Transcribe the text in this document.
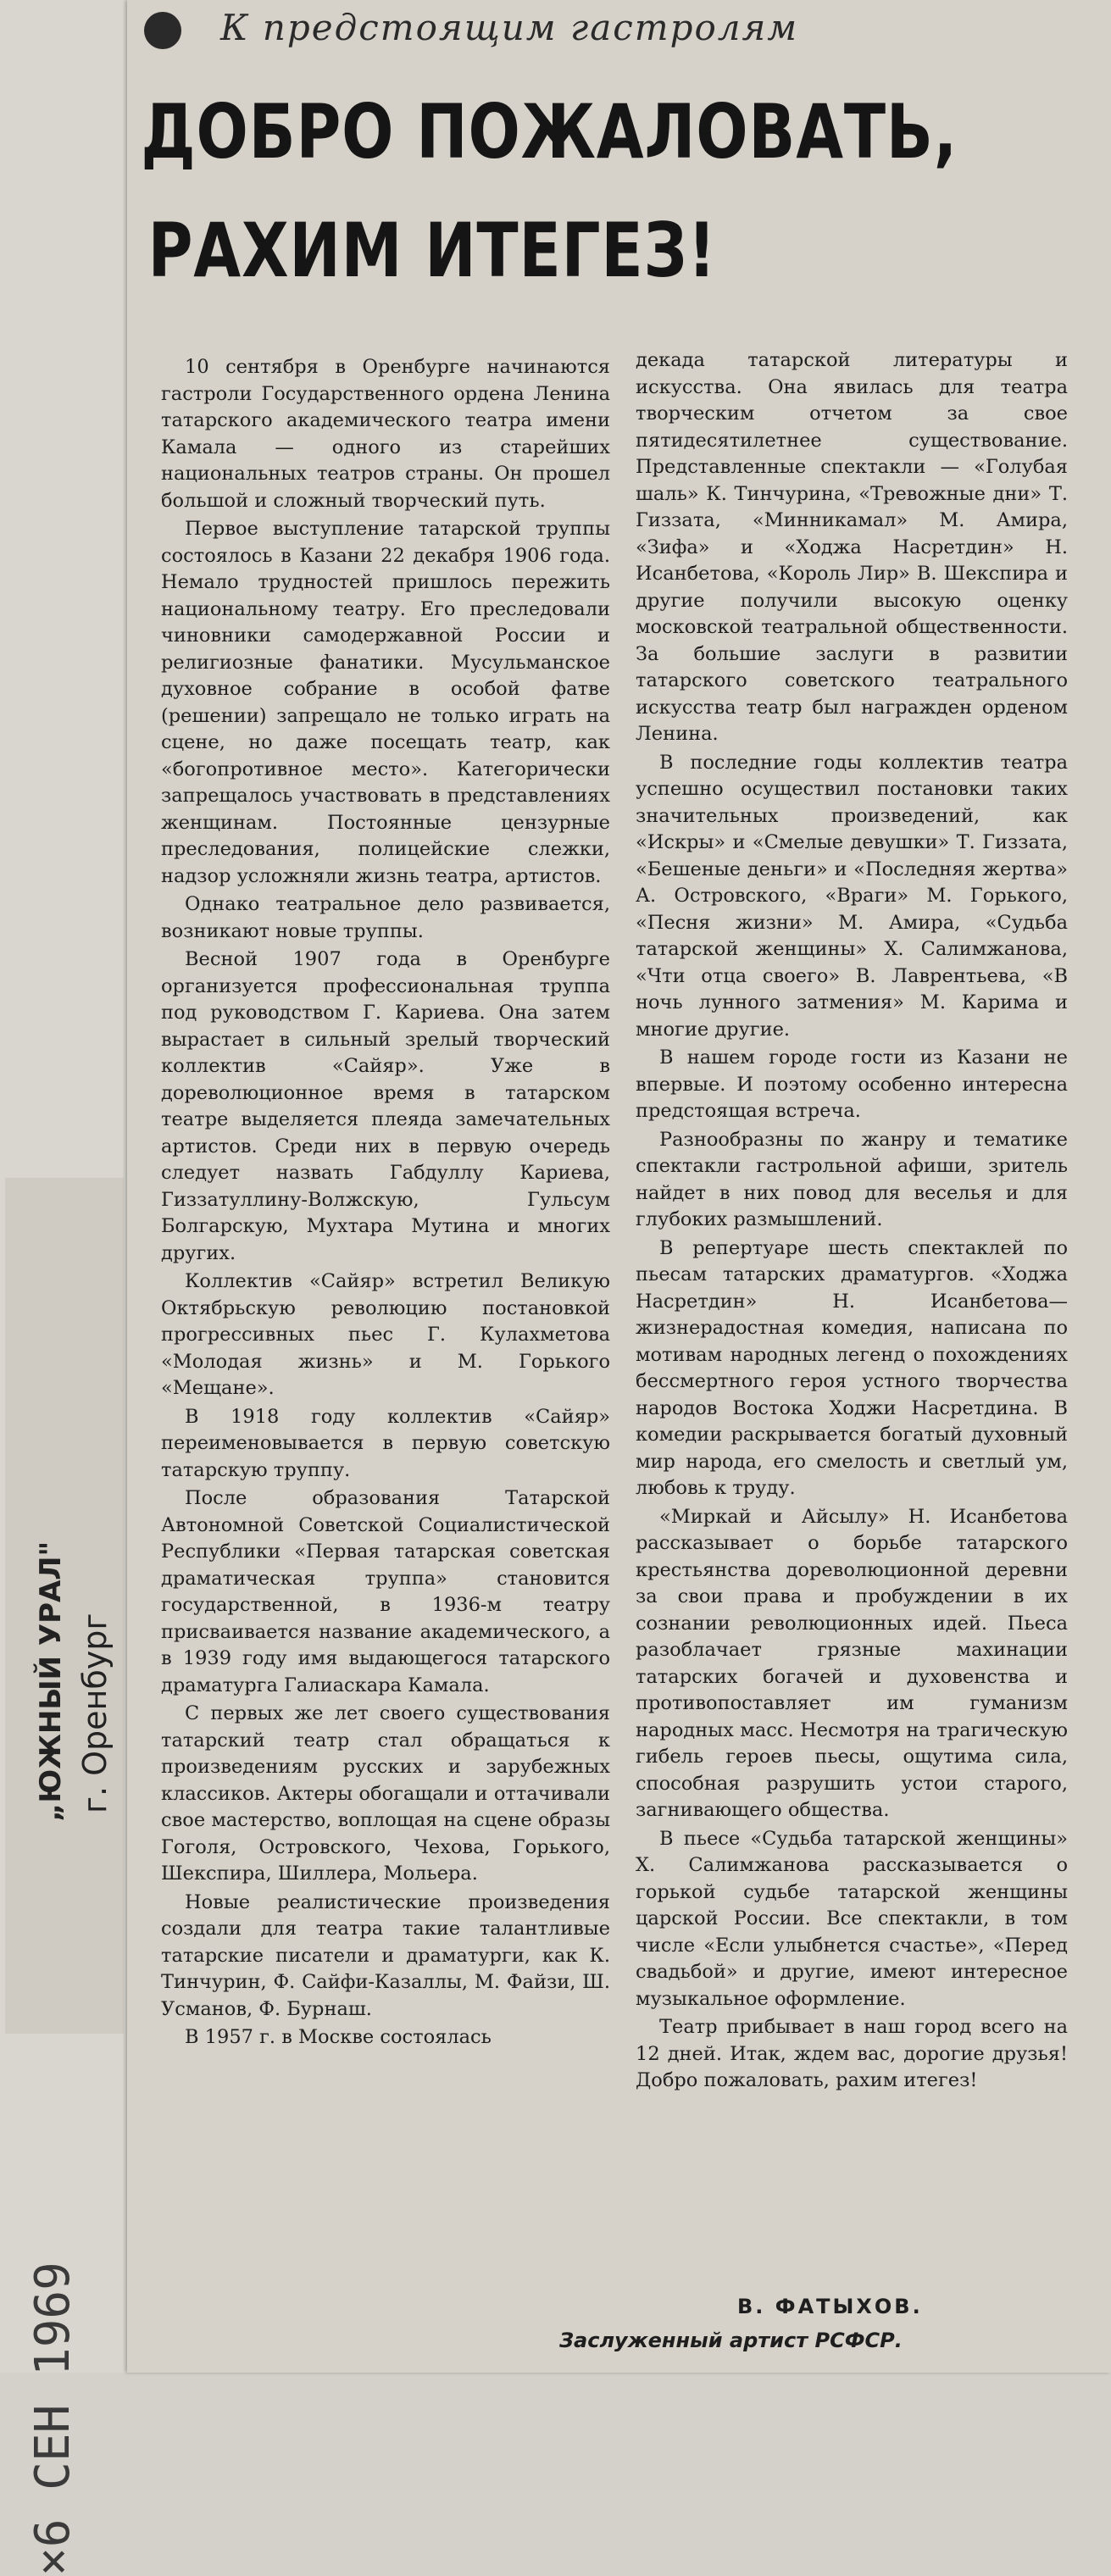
„ЮЖНЫЙ УРАЛ" г. Оренбург
×6 СЕН 1969
К предстоящим гастролям
ДОБРО ПОЖАЛОВАТЬ,
РАХИМ ИТЕГЕЗ!

10 сентября в Оренбурге начинаются гастроли Государственного ордена Ленина татарского академического театра имени Камала — одного из старейших национальных театров страны. Он прошел большой и сложный творческий путь.

Первое выступление татарской труппы состоялось в Казани 22 декабря 1906 года. Немало трудностей пришлось пережить национальному театру. Его преследовали чиновники самодержавной России и религиозные фанатики. Мусульманское духовное собрание в особой фатве (решении) запрещало не только играть на сцене, но даже посещать театр, как «богопротивное место». Категорически запрещалось участвовать в представлениях женщинам. Постоянные цензурные преследования, полицейские слежки, надзор усложняли жизнь театра, артистов.

Однако театральное дело развивается, возникают новые труппы.

Весной 1907 года в Оренбурге организуется профессиональная труппа под руководством Г. Кариева. Она затем вырастает в сильный зрелый творческий коллектив «Сайяр». Уже в дореволюционное время в татарском театре выделяется плеяда замечательных артистов. Среди них в первую очередь следует назвать Габдуллу Кариева, Гиззатуллину-Волжскую, Гульсум Болгарскую, Мухтара Мутина и многих других.

Коллектив «Сайяр» встретил Великую Октябрьскую революцию постановкой прогрессивных пьес Г. Кулахметова «Молодая жизнь» и М. Горького «Мещане».

В 1918 году коллектив «Сайяр» переименовывается в первую советскую татарскую труппу.

После образования Татарской Автономной Советской Социалистической Республики «Первая татарская советская драматическая труппа» становится государственной, в 1936-м театру присваивается название академического, а в 1939 году имя выдающегося татарского драматурга Галиаскара Камала.

С первых же лет своего существования татарский театр стал обращаться к произведениям русских и зарубежных классиков. Актеры обогащали и оттачивали свое мастерство, воплощая на сцене образы Гоголя, Островского, Чехова, Горького, Шекспира, Шиллера, Мольера.

Новые реалистические произведения создали для театра такие талантливые татарские писатели и драматурги, как К. Тинчурин, Ф. Сайфи-Казаллы, М. Файзи, Ш. Усманов, Ф. Бурнаш.

В 1957 г. в Москве состоялась

декада татарской литературы и искусства. Она явилась для театра творческим отчетом за свое пятидесятилетнее существование. Представленные спектакли — «Голубая шаль» К. Тинчурина, «Тревожные дни» Т. Гиззата, «Минникамал» М. Амира, «Зифа» и «Ходжа Насретдин» Н. Исанбетова, «Король Лир» В. Шекспира и другие получили высокую оценку московской театральной общественности. За большие заслуги в развитии татарского советского театрального искусства театр был награжден орденом Ленина.

В последние годы коллектив театра успешно осуществил постановки таких значительных произведений, как «Искры» и «Смелые девушки» Т. Гиззата, «Бешеные деньги» и «Последняя жертва» А. Островского, «Враги» М. Горького, «Песня жизни» М. Амира, «Судьба татарской женщины» Х. Салимжанова, «Чти отца своего» В. Лаврентьева, «В ночь лунного затмения» М. Карима и многие другие.

В нашем городе гости из Казани не впервые. И поэтому особенно интересна предстоящая встреча.

Разнообразны по жанру и тематике спектакли гастрольной афиши, зритель найдет в них повод для веселья и для глубоких размышлений.

В репертуаре шесть спектаклей по пьесам татарских драматургов. «Ходжа Насретдин» Н. Исанбетова—жизнерадостная комедия, написана по мотивам народных легенд о похождениях бессмертного героя устного творчества народов Востока Ходжи Насретдина. В комедии раскрывается богатый духовный мир народа, его смелость и светлый ум, любовь к труду.

«Миркай и Айсылу» Н. Исанбетова рассказывает о борьбе татарского крестьянства дореволюционной деревни за свои права и пробуждении в их сознании революционных идей. Пьеса разоблачает грязные махинации татарских богачей и духовенства и противопоставляет им гуманизм народных масс. Несмотря на трагическую гибель героев пьесы, ощутима сила, способная разрушить устои старого, загнивающего общества.

В пьесе «Судьба татарской женщины» Х. Салимжанова рассказывается о горькой судьбе татарской женщины царской России. Все спектакли, в том числе «Если улыбнется счастье», «Перед свадьбой» и другие, имеют интересное музыкальное оформление.

Театр прибывает в наш город всего на 12 дней. Итак, ждем вас, дорогие друзья! Добро пожаловать, рахим итегез!

В. ФАТЫХОВ.
Заслуженный артист РСФСР.
